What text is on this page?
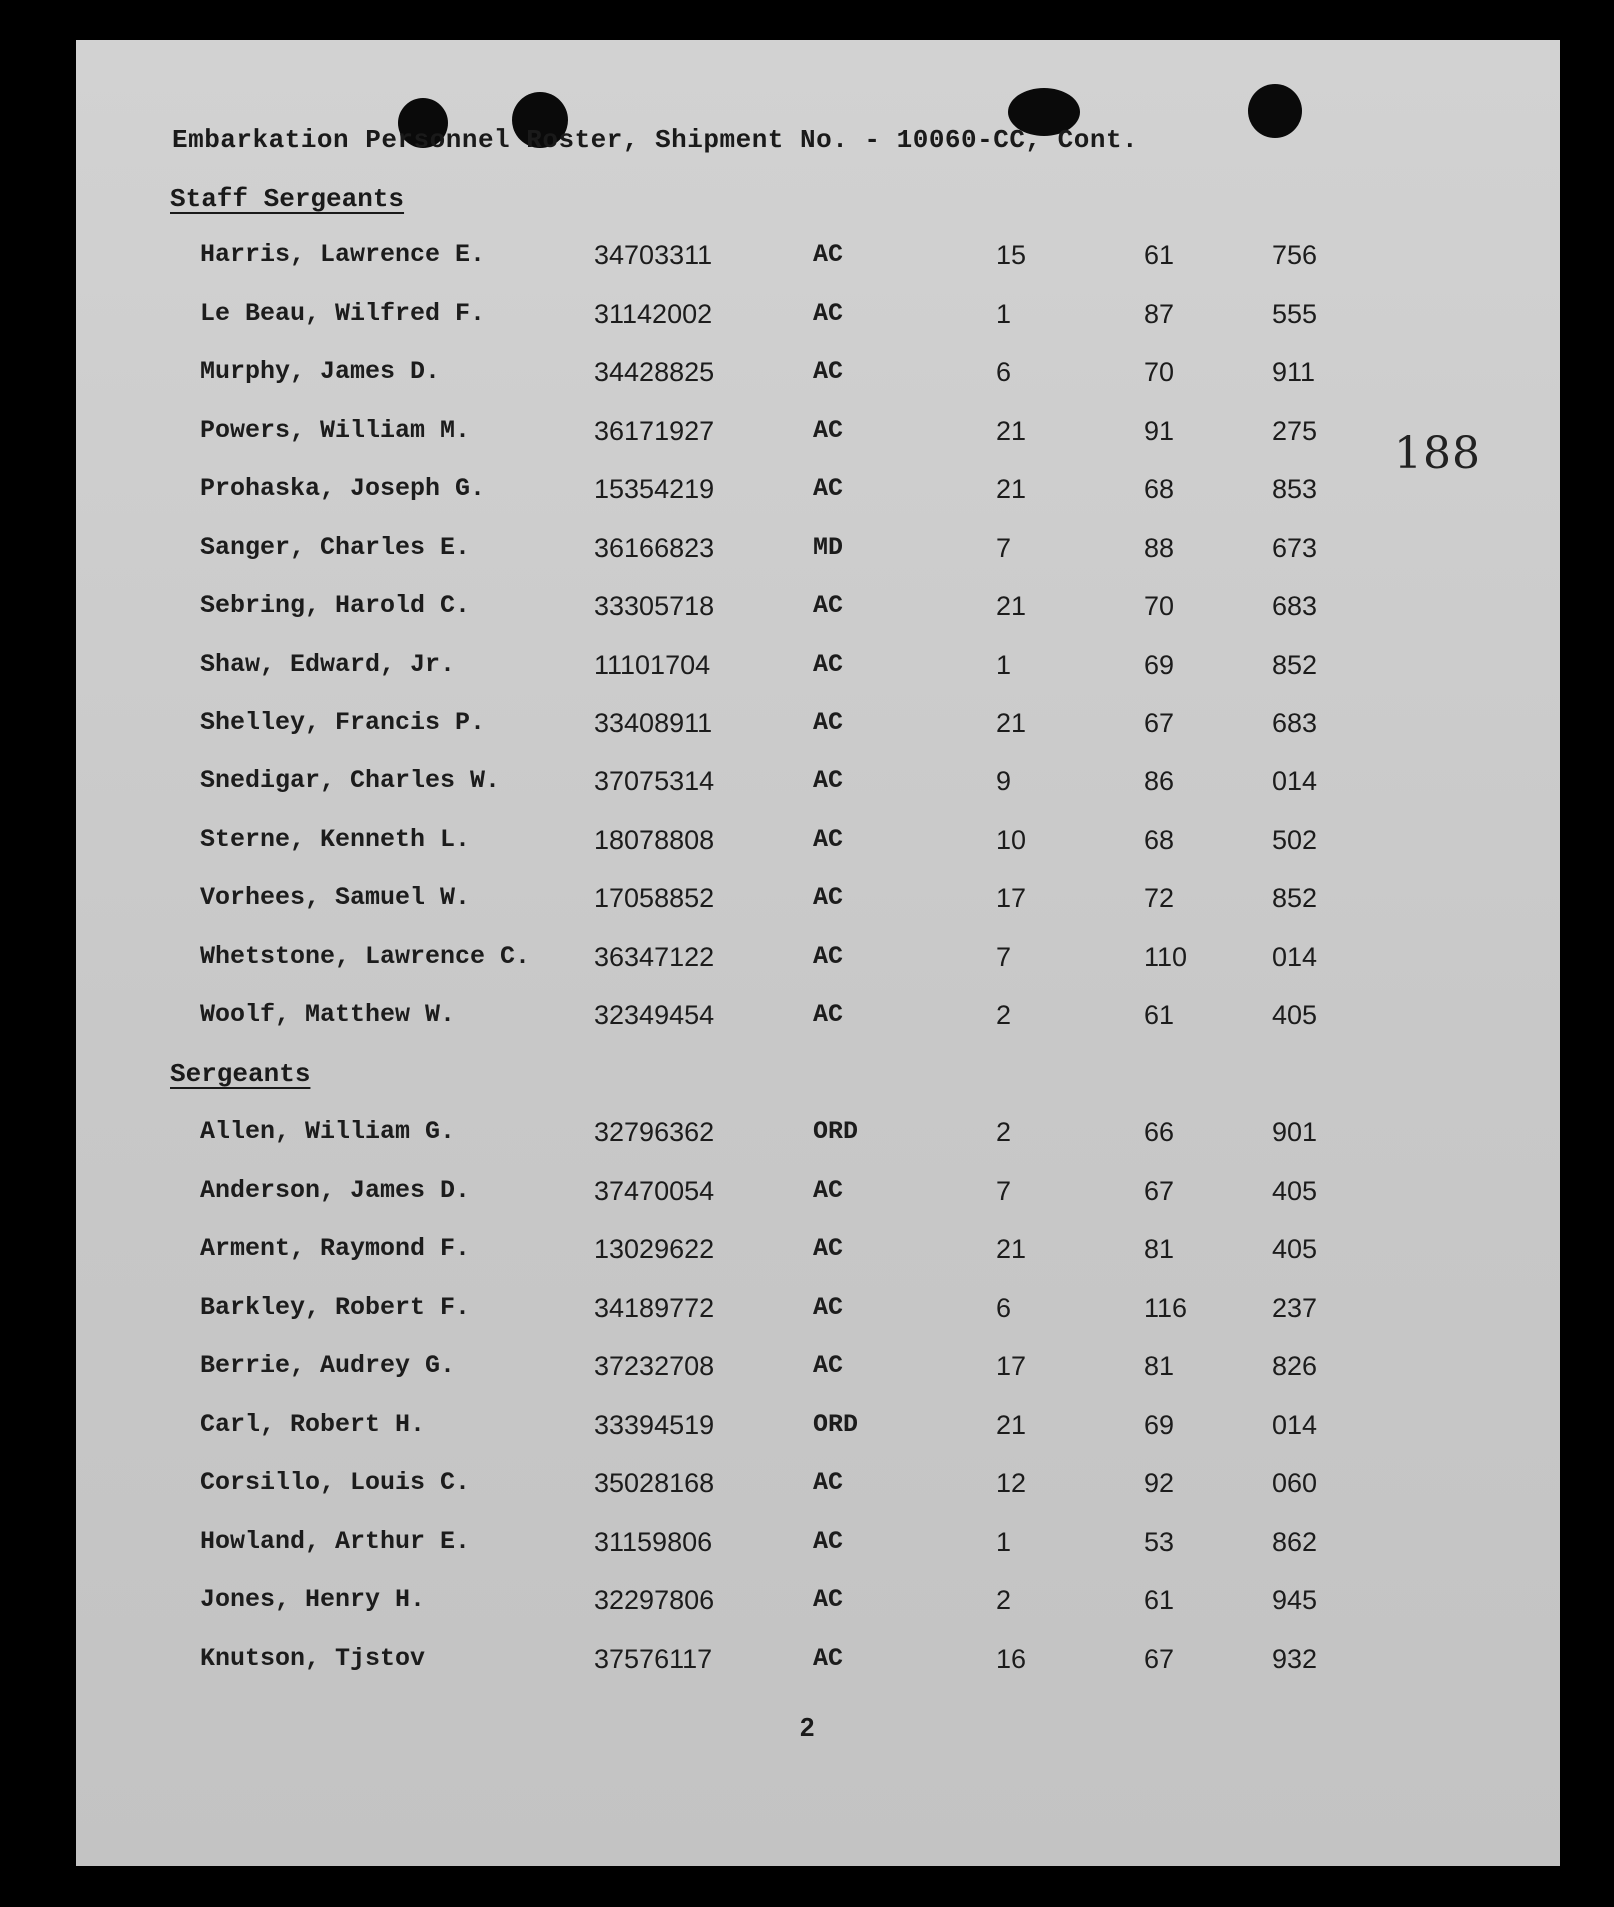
Embarkation Personnel Roster, Shipment No. - 10060-CC, Cont.
188
Staff Sergeants
Harris, Lawrence E.	34703311	AC	15	61	756
Le Beau, Wilfred F.	31142002	AC	1	87	555
Murphy, James D.	34428825	AC	6	70	911
Powers, William M.	36171927	AC	21	91	275
Prohaska, Joseph G.	15354219	AC	21	68	853
Sanger, Charles E.	36166823	MD	7	88	673
Sebring, Harold C.	33305718	AC	21	70	683
Shaw, Edward, Jr.	11101704	AC	1	69	852
Shelley, Francis P.	33408911	AC	21	67	683
Snedigar, Charles W.	37075314	AC	9	86	014
Sterne, Kenneth L.	18078808	AC	10	68	502
Vorhees, Samuel W.	17058852	AC	17	72	852
Whetstone, Lawrence C. 36347122	AC	7	110	014
Woolf, Matthew W.	32349454	AC	2	61	405
Sergeants
Allen, William G.	32796362	ORD	2	66	901
Anderson, James D.	37470054	AC	7	67	405
Arment, Raymond F.	13029622	AC	21	81	405
Barkley, Robert F.	34189772	AC	6	116	237
Berrie, Audrey G.	37232708	AC	17	81	826
Carl, Robert H.	33394519	ORD	21	69	014
Corsillo, Louis C.	35028168	AC	12	92	060
Howland, Arthur E.	31159806	AC	1	53	862
Jones, Henry H.	32297806	AC	2	61	945
Knutson, Tjstov	37576117	AC	16	67	932
2
